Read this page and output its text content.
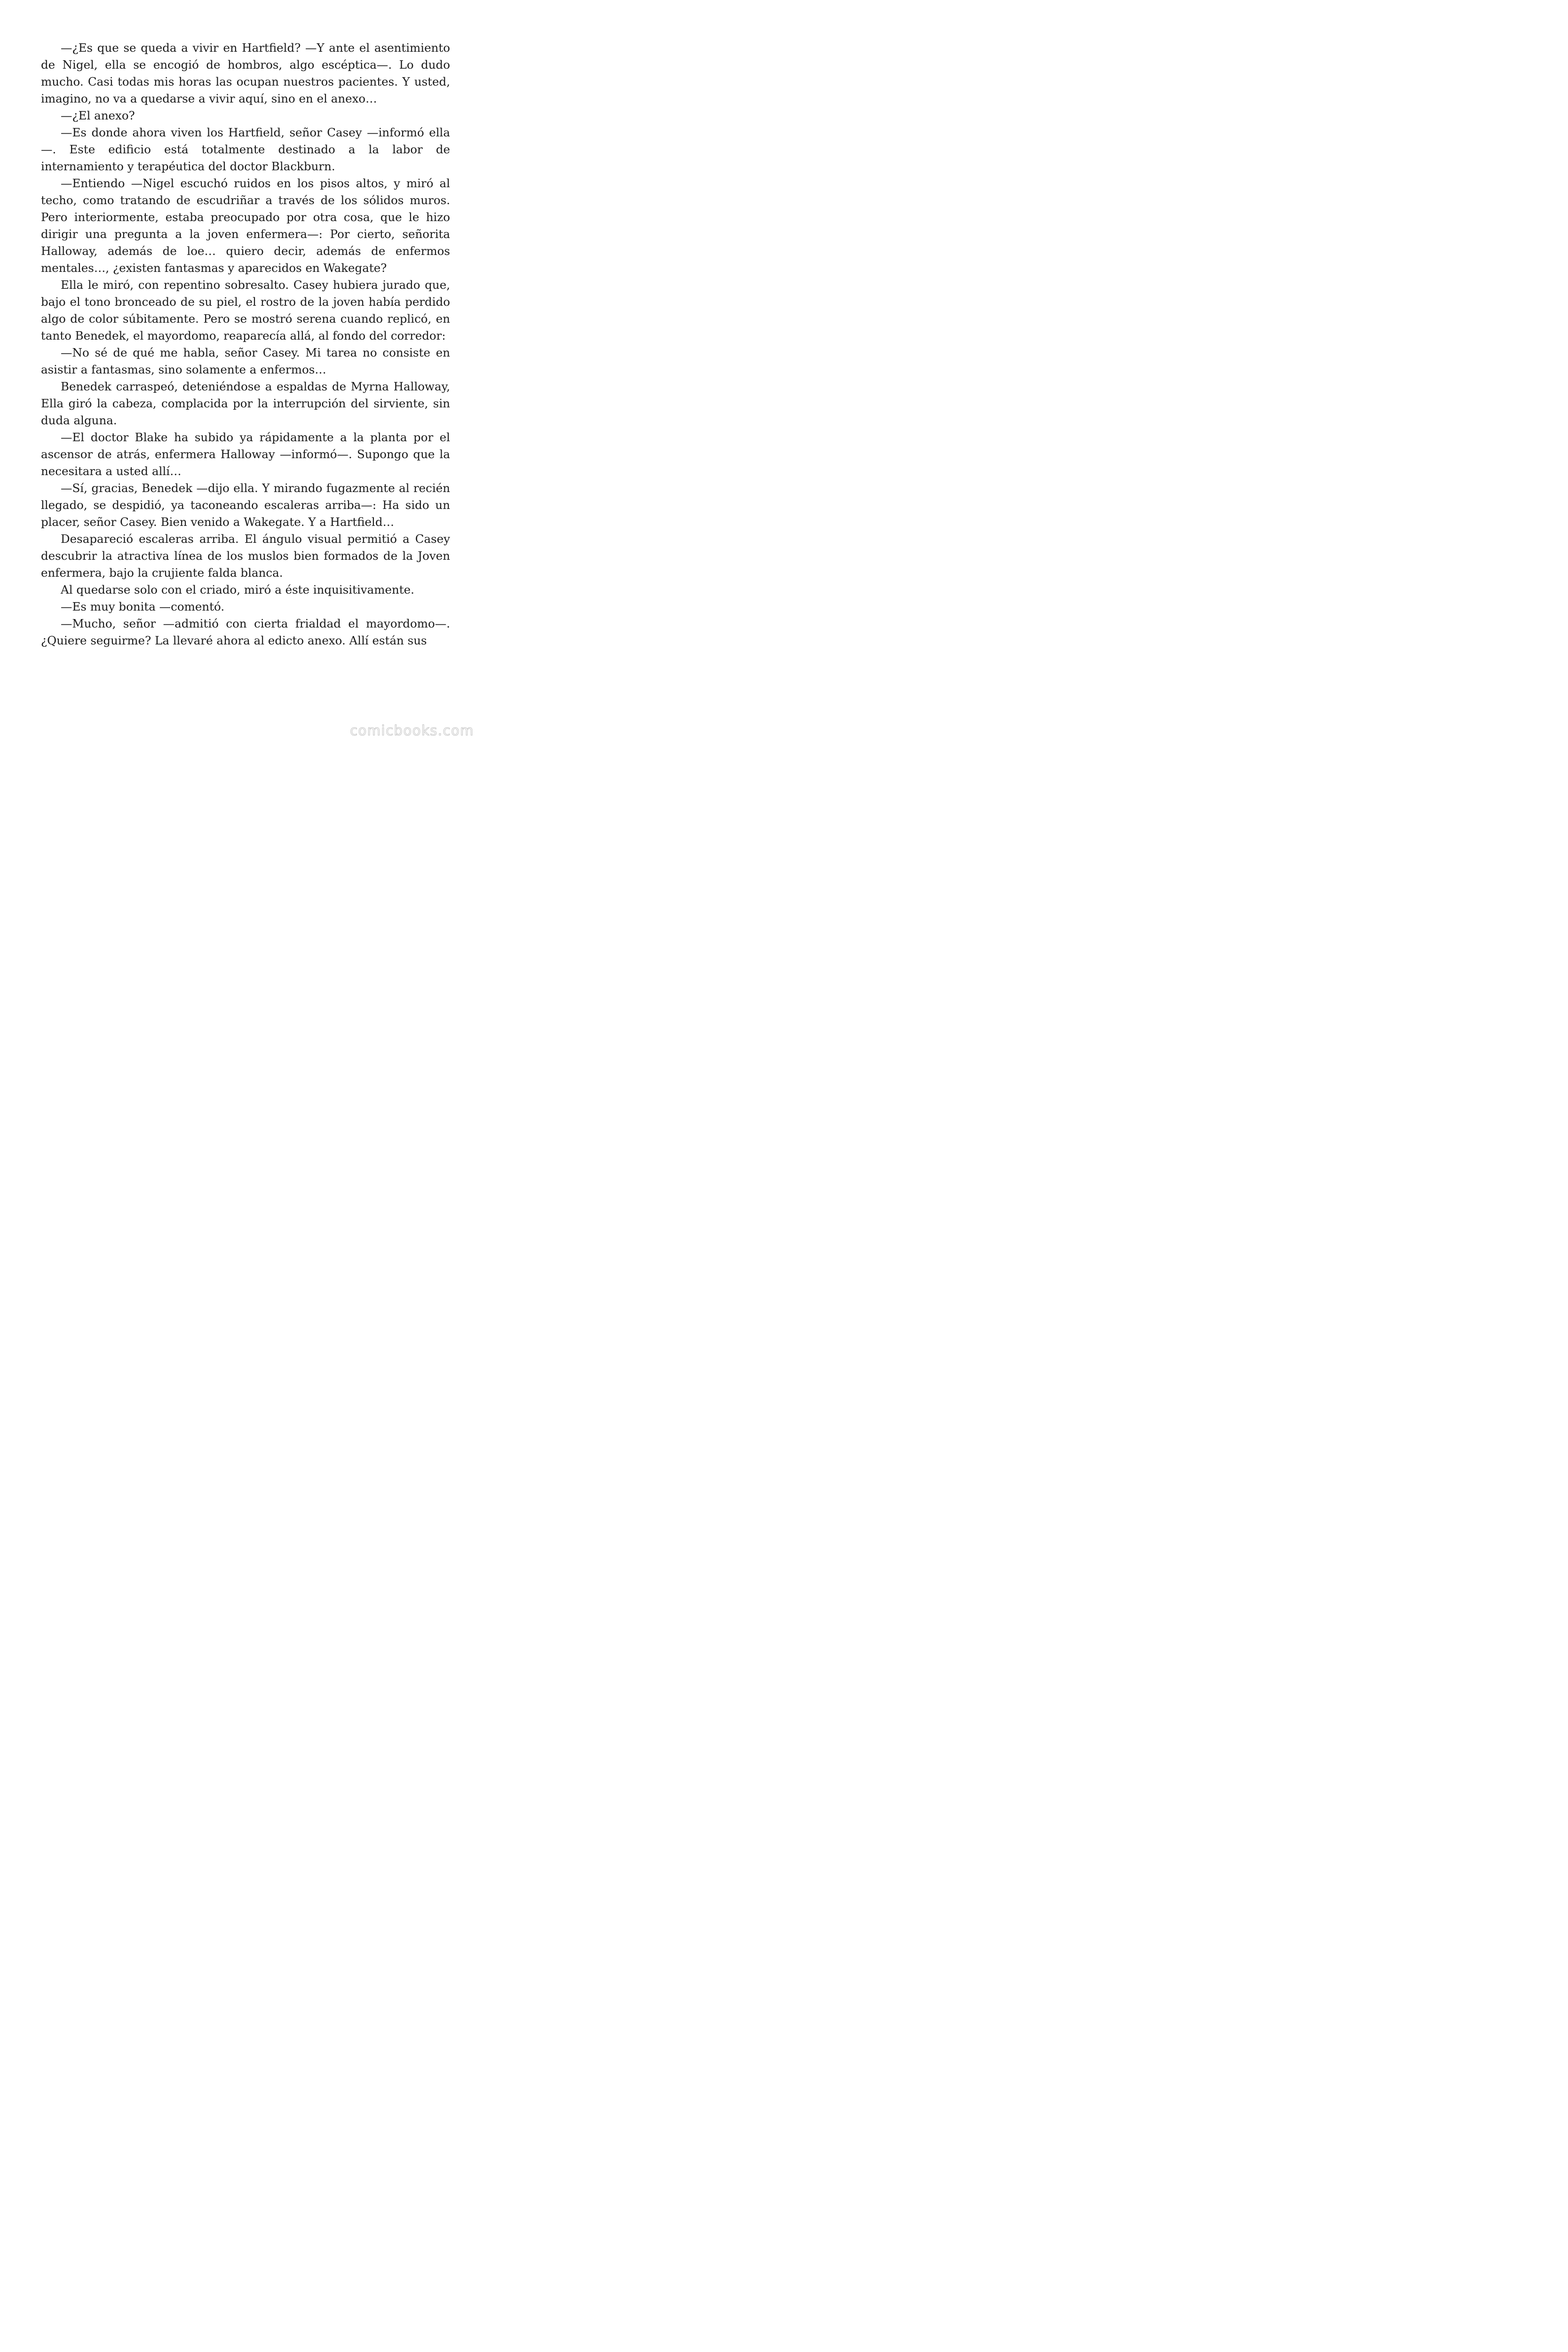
—¿Es que se queda a vivir en Hartfield? —Y ante el asentimiento de Nigel, ella se encogió de hombros, algo escéptica—. Lo dudo mucho. Casi todas mis horas las ocupan nuestros pacientes. Y usted, imagino, no va a quedarse a vivir aquí, sino en el anexo…

—¿El anexo?

—Es donde ahora viven los Hartfield, señor Casey —informó ella —. Este edificio está totalmente destinado a la labor de internamiento y terapéutica del doctor Blackburn.

—Entiendo —Nigel escuchó ruidos en los pisos altos, y miró al techo, como tratando de escudriñar a través de los sólidos muros. Pero interiormente, estaba preocupado por otra cosa, que le hizo dirigir una pregunta a la joven enfermera—: Por cierto, señorita Halloway, además de loe… quiero decir, además de enfermos mentales…, ¿existen fantasmas y aparecidos en Wakegate?

Ella le miró, con repentino sobresalto. Casey hubiera jurado que, bajo el tono bronceado de su piel, el rostro de la joven había perdido algo de color súbitamente. Pero se mostró serena cuando replicó, en tanto Benedek, el mayordomo, reaparecía allá, al fondo del corredor:

—No sé de qué me habla, señor Casey. Mi tarea no consiste en asistir a fantasmas, sino solamente a enfermos…

Benedek carraspeó, deteniéndose a espaldas de Myrna Halloway, Ella giró la cabeza, complacida por la interrupción del sirviente, sin duda alguna.

—El doctor Blake ha subido ya rápidamente a la planta por el ascensor de atrás, enfermera Halloway —informó—. Supongo que la necesitara a usted allí…

—Sí, gracias, Benedek —dijo ella. Y mirando fugazmente al recién llegado, se despidió, ya taconeando escaleras arriba—: Ha sido un placer, señor Casey. Bien venido a Wakegate. Y a Hartfield…

Desapareció escaleras arriba. El ángulo visual permitió a Casey descubrir la atractiva línea de los muslos bien formados de la Joven enfermera, bajo la crujiente falda blanca.

Al quedarse solo con el criado, miró a éste inquisitivamente.

—Es muy bonita —comentó.

—Mucho, señor —admitió con cierta frialdad el mayordomo—. ¿Quiere seguirme? La llevaré ahora al edicto anexo. Allí están sus

comicbooks.com
